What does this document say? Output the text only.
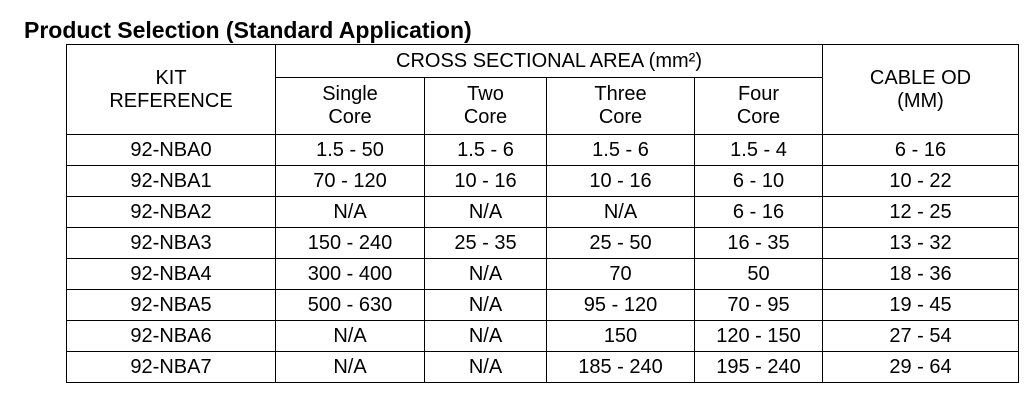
Product Selection (Standard Application)
KIT REFERENCE	CROSS SECTIONAL AREA (mm²)				CABLE OD (MM)
	Single Core	Two Core	Three Core	Four Core	
92-NBA0	1.5 - 50	1.5 - 6	1.5 - 6	1.5 - 4	6 - 16
92-NBA1	70 - 120	10 - 16	10 - 16	6 - 10	10 - 22
92-NBA2	N/A	N/A	N/A	6 - 16	12 - 25
92-NBA3	150 - 240	25 - 35	25 - 50	16 - 35	13 - 32
92-NBA4	300 - 400	N/A	70	50	18 - 36
92-NBA5	500 - 630	N/A	95 - 120	70 - 95	19 - 45
92-NBA6	N/A	N/A	150	120 - 150	27 - 54
92-NBA7	N/A	N/A	185 - 240	195 - 240	29 - 64
